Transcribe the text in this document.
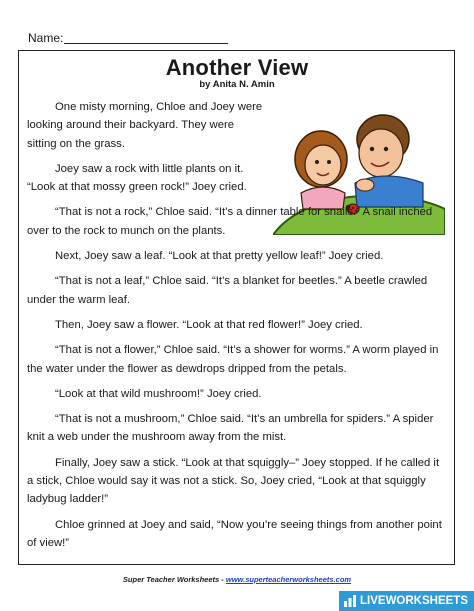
Name:
Another View
by Anita N. Amin

One misty morning, Chloe and Joey were looking around their backyard. They were sitting on the grass.

Joey saw a rock with little plants on it. “Look at that mossy green rock!” Joey cried.

“That is not a rock,” Chloe said. “It’s a dinner table for snails.” A snail inched over to the rock to munch on the plants.

Next, Joey saw a leaf. “Look at that pretty yellow leaf!” Joey cried.

“That is not a leaf,” Chloe said. “It’s a blanket for beetles.” A beetle crawled under the warm leaf.

Then, Joey saw a flower. “Look at that red flower!” Joey cried.

“That is not a flower,” Chloe said. “It’s a shower for worms.” A worm played in the water under the flower as dewdrops dripped from the petals.

“Look at that wild mushroom!” Joey cried.

“That is not a mushroom,” Chloe said. “It’s an umbrella for spiders.” A spider knit a web under the mushroom away from the mist.

Finally, Joey saw a stick. “Look at that squiggly–” Joey stopped. If he called it a stick, Chloe would say it was not a stick. So, Joey cried, “Look at that squiggly ladybug ladder!”

Chloe grinned at Joey and said, “Now you’re seeing things from another point of view!”

Super Teacher Worksheets - www.superteacherworksheets.com
LIVEWORKSHEETS
